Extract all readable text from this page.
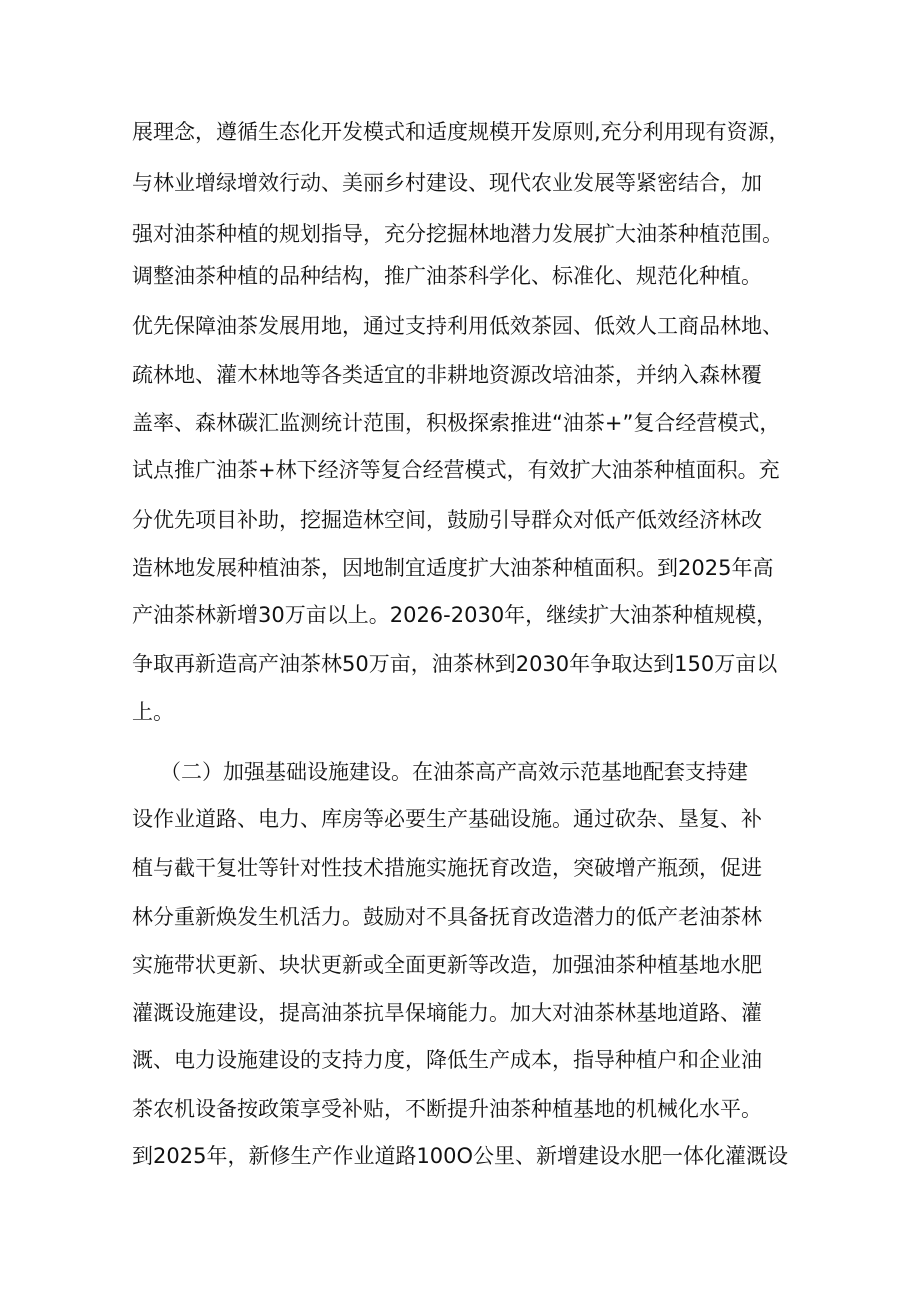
展理念，遵循生态化开发模式和适度规模开发原则,充分利用现有资源，

与林业增绿增效行动、美丽乡村建设、现代农业发展等紧密结合，加

强对油茶种植的规划指导，充分挖掘林地潜力发展扩大油茶种植范围。

调整油茶种植的品种结构，推广油茶科学化、标准化、规范化种植。

优先保障油茶发展用地，通过支持利用低效茶园、低效人工商品林地、

疏林地、灌木林地等各类适宜的非耕地资源改培油茶，并纳入森林覆

盖率、森林碳汇监测统计范围，积极探索推进“油茶+”复合经营模式，

试点推广油茶+林下经济等复合经营模式，有效扩大油茶种植面积。充

分优先项目补助，挖掘造林空间，鼓励引导群众对低产低效经济林改

造林地发展种植油茶，因地制宜适度扩大油茶种植面积。到2025年高

产油茶林新增30万亩以上。2026-2030年，继续扩大油茶种植规模，

争取再新造高产油茶林50万亩，油茶林到2030年争取达到150万亩以

上。

（二）加强基础设施建设。在油茶高产高效示范基地配套支持建

设作业道路、电力、库房等必要生产基础设施。通过砍杂、垦复、补

植与截干复壮等针对性技术措施实施抚育改造，突破增产瓶颈，促进

林分重新焕发生机活力。鼓励对不具备抚育改造潜力的低产老油茶林

实施带状更新、块状更新或全面更新等改造，加强油茶种植基地水肥

灌溉设施建设，提高油茶抗旱保墒能力。加大对油茶林基地道路、灌

溉、电力设施建设的支持力度，降低生产成本，指导种植户和企业油

茶农机设备按政策享受补贴，不断提升油茶种植基地的机械化水平。

到2025年，新修生产作业道路100O公里、新增建设水肥一体化灌溉设
